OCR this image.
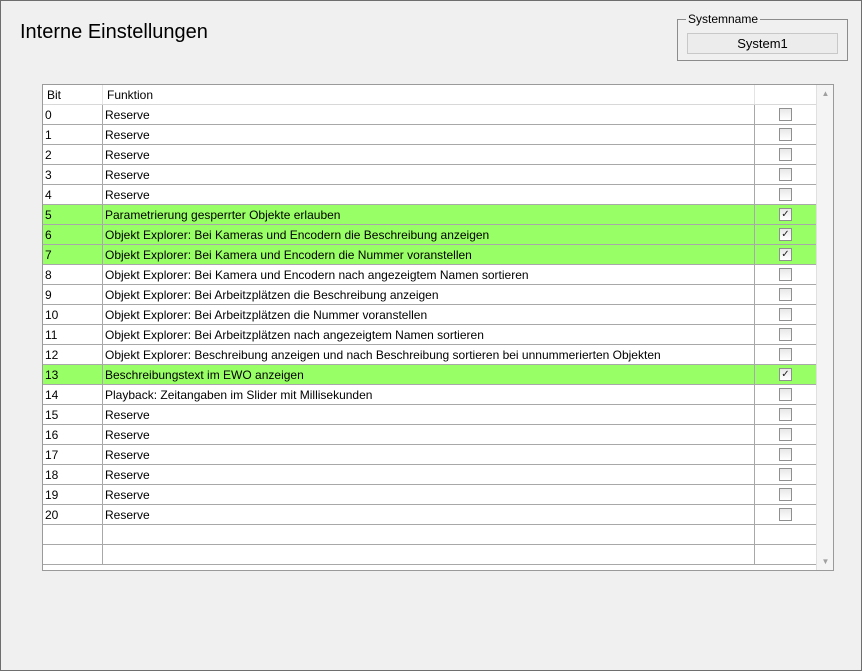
Interne Einstellungen
Systemname
System1
Bit	Funktion
0	Reserve
1	Reserve
2	Reserve
3	Reserve
4	Reserve
5	Parametrierung gesperrter Objekte erlauben	✓
6	Objekt Explorer: Bei Kameras und Encodern die Beschreibung anzeigen	✓
7	Objekt Explorer: Bei Kamera und Encodern die Nummer voranstellen	✓
8	Objekt Explorer: Bei Kamera und Encodern nach angezeigtem Namen sortieren
9	Objekt Explorer: Bei Arbeitzplätzen die Beschreibung anzeigen
10	Objekt Explorer: Bei Arbeitzplätzen die Nummer voranstellen
11	Objekt Explorer: Bei Arbeitzplätzen nach angezeigtem Namen sortieren
12	Objekt Explorer: Beschreibung anzeigen und nach Beschreibung sortieren bei unnummerierten Objekten
13	Beschreibungstext im EWO anzeigen	✓
14	Playback: Zeitangaben im Slider mit Millisekunden
15	Reserve
16	Reserve
17	Reserve
18	Reserve
19	Reserve
20	Reserve
▲
▼
